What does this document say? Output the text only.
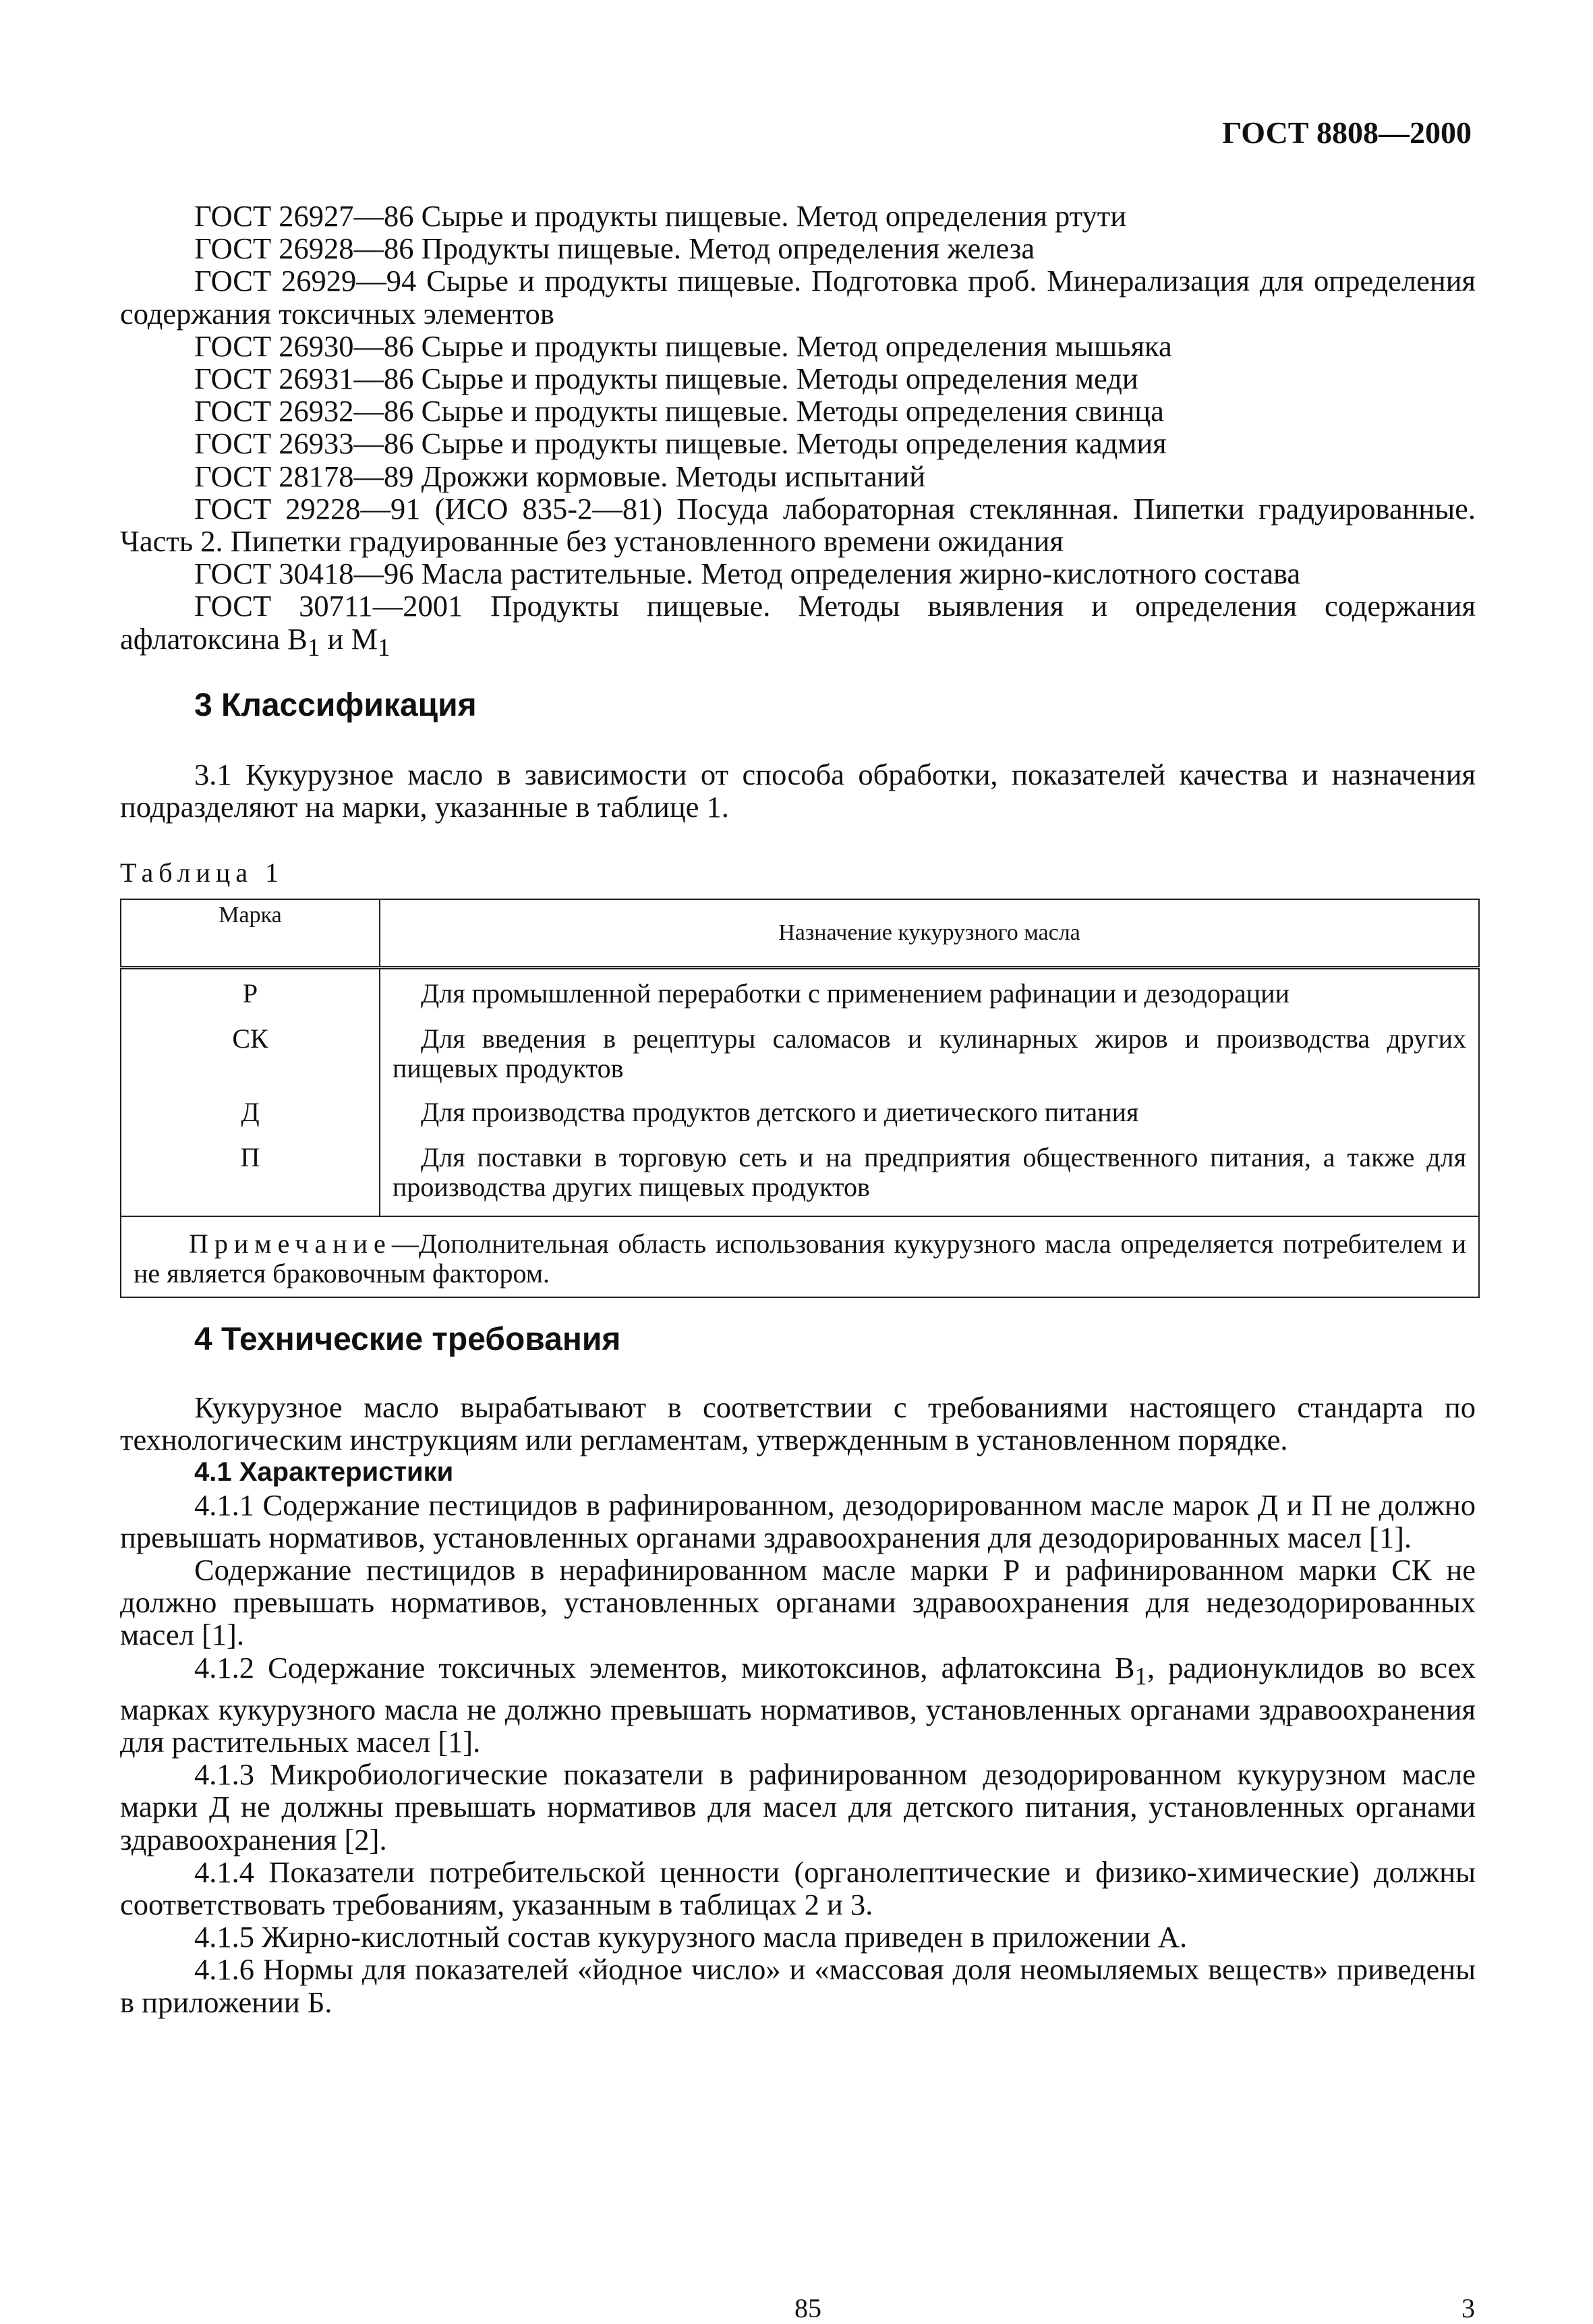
ГОСТ 8808—2000

ГОСТ 26927—86 Сырье и продукты пищевые. Метод определения ртути

ГОСТ 26928—86 Продукты пищевые. Метод определения железа

ГОСТ 26929—94 Сырье и продукты пищевые. Подготовка проб. Минерализация для определения содержания токсичных элементов

ГОСТ 26930—86 Сырье и продукты пищевые. Метод определения мышьяка

ГОСТ 26931—86 Сырье и продукты пищевые. Методы определения меди

ГОСТ 26932—86 Сырье и продукты пищевые. Методы определения свинца

ГОСТ 26933—86 Сырье и продукты пищевые. Методы определения кадмия

ГОСТ 28178—89 Дрожжи кормовые. Методы испытаний

ГОСТ 29228—91 (ИСО 835-2—81) Посуда лабораторная стеклянная. Пипетки градуированные. Часть 2. Пипетки градуированные без установленного времени ожидания

ГОСТ 30418—96 Масла растительные. Метод определения жирно-кислотного состава

ГОСТ 30711—2001 Продукты пищевые. Методы выявления и определения содержания афлатоксина $B_1$ и $M_1$

3 Классификация

3.1 Кукурузное масло в зависимости от способа обработки, показателей качества и назначения подразделяют на марки, указанные в таблице 1.

Таблица 1
Марка	Назначение кукурузного масла
Р	Для промышленной переработки с применением рафинации и дезодорации

СК	Для введения в рецептуры саломасов и кулинарных жиров и производства других пищевых продуктов

Д	Для производства продуктов детского и диетического питания

П	Для поставки в торговую сеть и на предприятия общественного питания, а также для производства других пищевых продуктов

Примечание—Дополнительная область использования кукурузного масла определяется потребителем и не является браковочным фактором.	
4 Технические требования

Кукурузное масло вырабатывают в соответствии с требованиями настоящего стандарта по технологическим инструкциям или регламентам, утвержденным в установленном порядке.

4.1 Характеристики

4.1.1 Содержание пестицидов в рафинированном, дезодорированном масле марок Д и П не должно превышать нормативов, установленных органами здравоохранения для дезодорированных масел [1].

Содержание пестицидов в нерафинированном масле марки Р и рафинированном марки СК не должно превышать нормативов, установленных органами здравоохранения для недезодорированных масел [1].

4.1.2 Содержание токсичных элементов, микотоксинов, афлатоксина $B_1$, радионуклидов во всех марках кукурузного масла не должно превышать нормативов, установленных органами здравоохранения для растительных масел [1].

4.1.3 Микробиологические показатели в рафинированном дезодорированном кукурузном масле марки Д не должны превышать нормативов для масел для детского питания, установленных органами здравоохранения [2].

4.1.4 Показатели потребительской ценности (органолептические и физико-химические) должны соответствовать требованиям, указанным в таблицах 2 и 3.

4.1.5 Жирно-кислотный состав кукурузного масла приведен в приложении А.

4.1.6 Нормы для показателей «йодное число» и «массовая доля неомыляемых веществ» приведены в приложении Б.

85	3
